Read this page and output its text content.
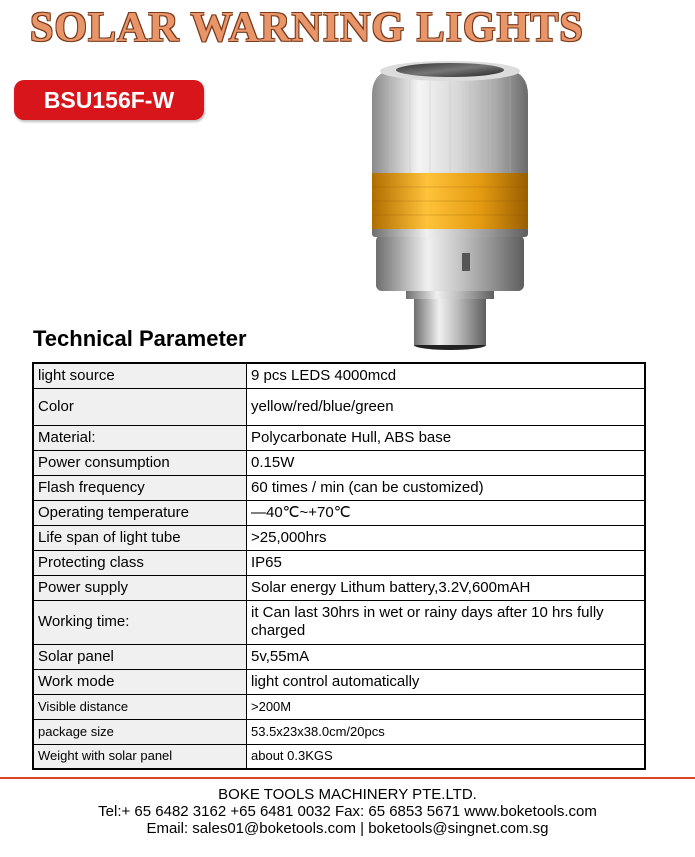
SOLAR WARNING LIGHTS
BSU156F-W
Technical Parameter
light source	9 pcs LEDS 4000mcd
Color	yellow/red/blue/green
Material:	Polycarbonate Hull, ABS base
Power consumption	0.15W
Flash frequency	60 times / min (can be customized)
Operating temperature	—40℃~+70℃
Life span of light tube	>25,000hrs
Protecting class	IP65
Power supply	Solar energy Lithum battery,3.2V,600mAH
Working time:	it Can last 30hrs in wet or rainy days after 10 hrs fully charged
Solar panel	5v,55mA
Work mode	light control automatically
Visible distance	>200M
package size	53.5x23x38.0cm/20pcs
Weight with solar panel	about 0.3KGS
BOKE TOOLS MACHINERY PTE.LTD.
Tel:+ 65 6482 3162 +65 6481 0032 Fax: 65 6853 5671 www.boketools.com
Email: sales01@boketools.com | boketools@singnet.com.sg
